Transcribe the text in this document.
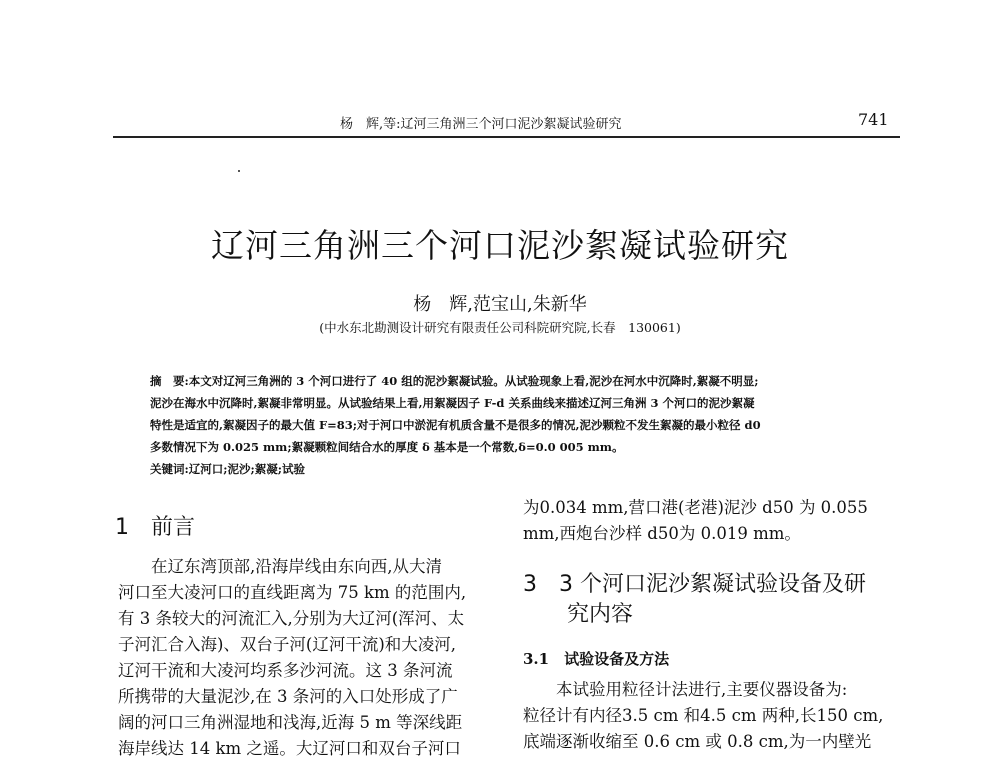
杨　辉,等:辽河三角洲三个河口泥沙絮凝试验研究	741
辽河三角洲三个河口泥沙絮凝试验研究
杨　辉,范宝山,朱新华
(中水东北勘测设计研究有限责任公司科院研究院,长春　130061)
摘　要:本文对辽河三角洲的 3 个河口进行了 40 组的泥沙絮凝试验。从试验现象上看,泥沙在河水中沉降时,絮凝不明显;
泥沙在海水中沉降时,絮凝非常明显。从试验结果上看,用絮凝因子 F-d 关系曲线来描述辽河三角洲 3 个河口的泥沙絮凝
特性是适宜的,絮凝因子的最大值 F=83;对于河口中淤泥有机质含量不是很多的情况,泥沙颗粒不发生絮凝的最小粒径 d0
多数情况下为 0.025 mm;絮凝颗粒间结合水的厚度 δ 基本是一个常数,δ=0.0 005 mm。
关键词:辽河口;泥沙;絮凝;试验
1　前言
　　在辽东湾顶部,沿海岸线由东向西,从大清
河口至大凌河口的直线距离为 75 km 的范围内,
有 3 条较大的河流汇入,分别为大辽河(浑河、太
子河汇合入海)、双台子河(辽河干流)和大凌河,
辽河干流和大凌河均系多沙河流。这 3 条河流
所携带的大量泥沙,在 3 条河的入口处形成了广
阔的河口三角洲湿地和浅海,近海 5 m 等深线距
海岸线达 14 km 之遥。大辽河口和双台子河口
为0.034 mm,营口港(老港)泥沙 d50 为 0.055
mm,西炮台沙样 d50为 0.019 mm。
3　3 个河口泥沙絮凝试验设备及研
　　究内容
3.1　试验设备及方法
　　本试验用粒径计法进行,主要仪器设备为:
粒径计有内径3.5 cm 和4.5 cm 两种,长150 cm,
底端逐渐收缩至 0.6 cm 或 0.8 cm,为一内壁光
